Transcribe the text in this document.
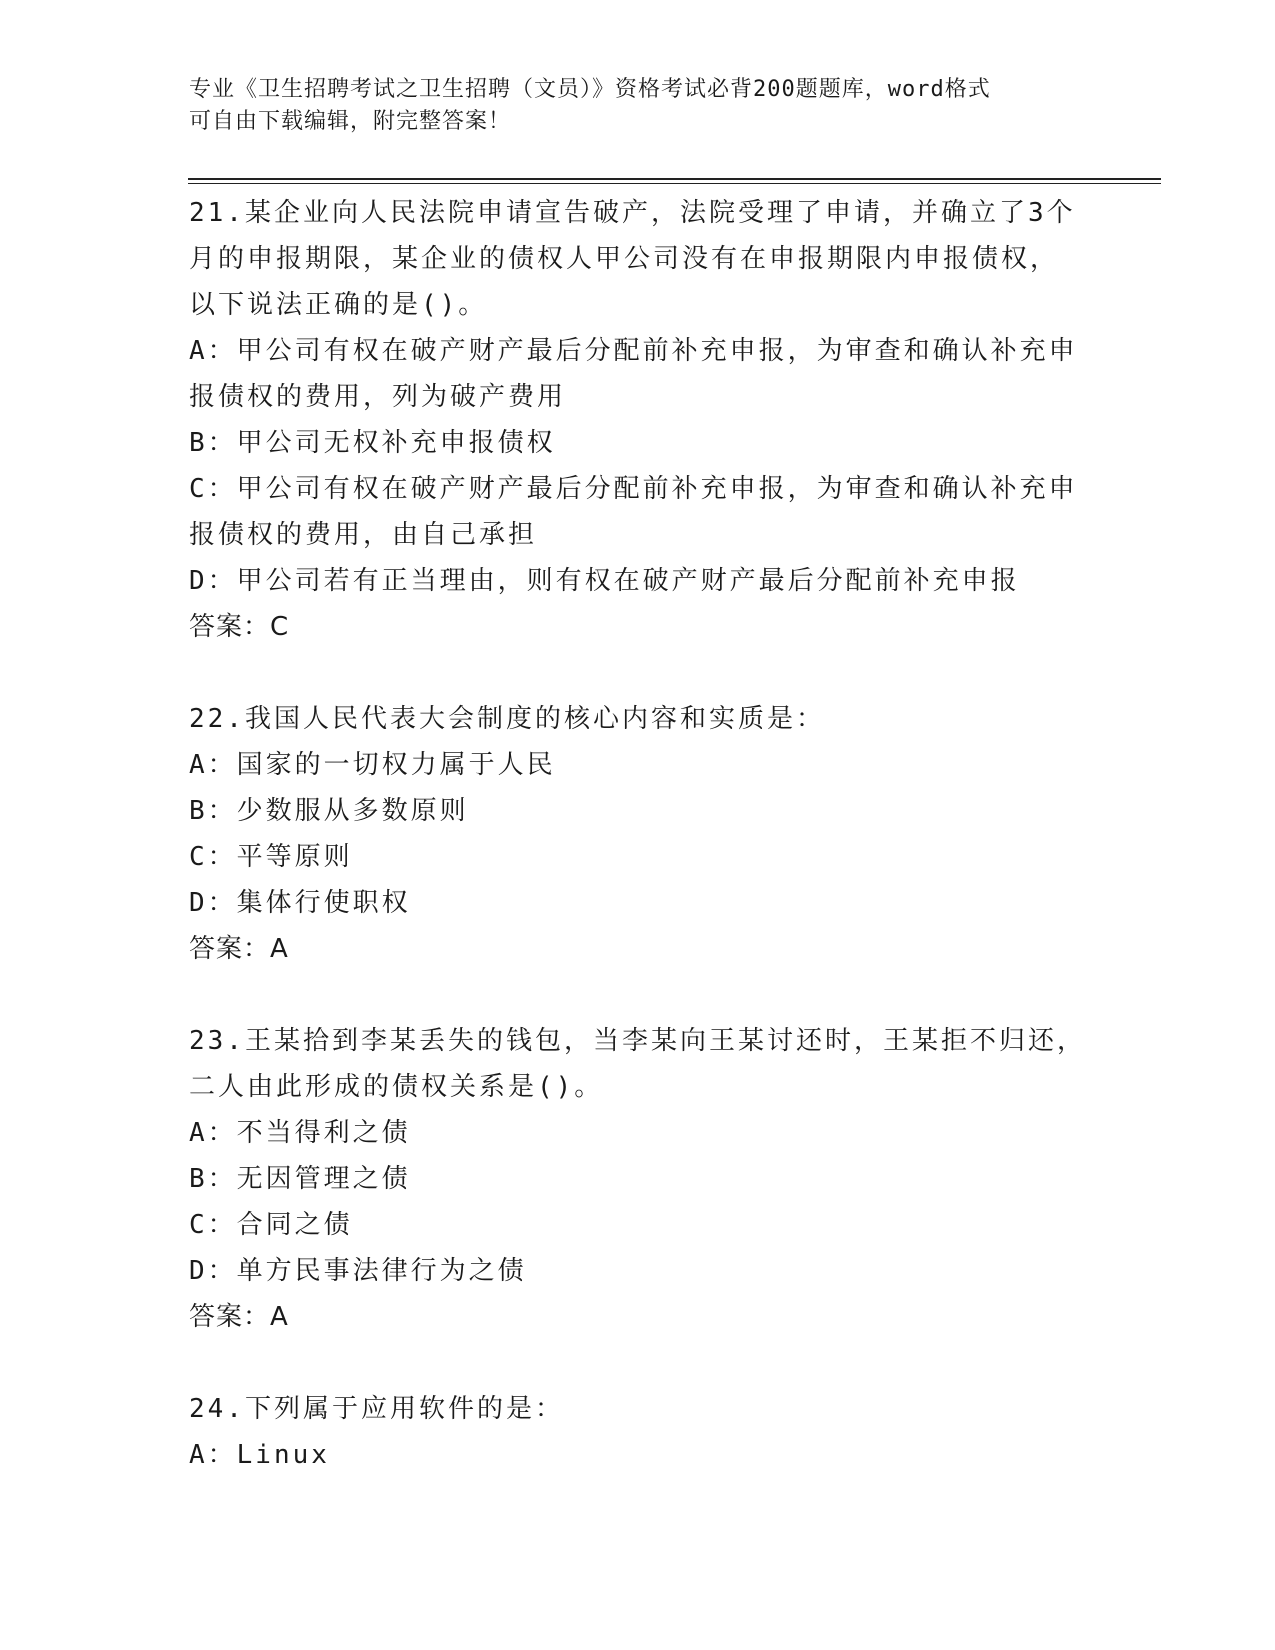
专业《卫生招聘考试之卫生招聘（文员）》资格考试必背200题题库，word格式
可自由下载编辑，附完整答案！
21.某企业向人民法院申请宣告破产，法院受理了申请，并确立了3个
月的申报期限，某企业的债权人甲公司没有在申报期限内申报债权，
以下说法正确的是()。
A：甲公司有权在破产财产最后分配前补充申报，为审查和确认补充申
报债权的费用，列为破产费用
B：甲公司无权补充申报债权
C：甲公司有权在破产财产最后分配前补充申报，为审查和确认补充申
报债权的费用，由自己承担
D：甲公司若有正当理由，则有权在破产财产最后分配前补充申报
答案：C
22.我国人民代表大会制度的核心内容和实质是：
A：国家的一切权力属于人民
B：少数服从多数原则
C：平等原则
D：集体行使职权
答案：A
23.王某拾到李某丢失的钱包，当李某向王某讨还时，王某拒不归还，
二人由此形成的债权关系是()。
A：不当得利之债
B：无因管理之债
C：合同之债
D：单方民事法律行为之债
答案：A
24.下列属于应用软件的是：
A：Linux
